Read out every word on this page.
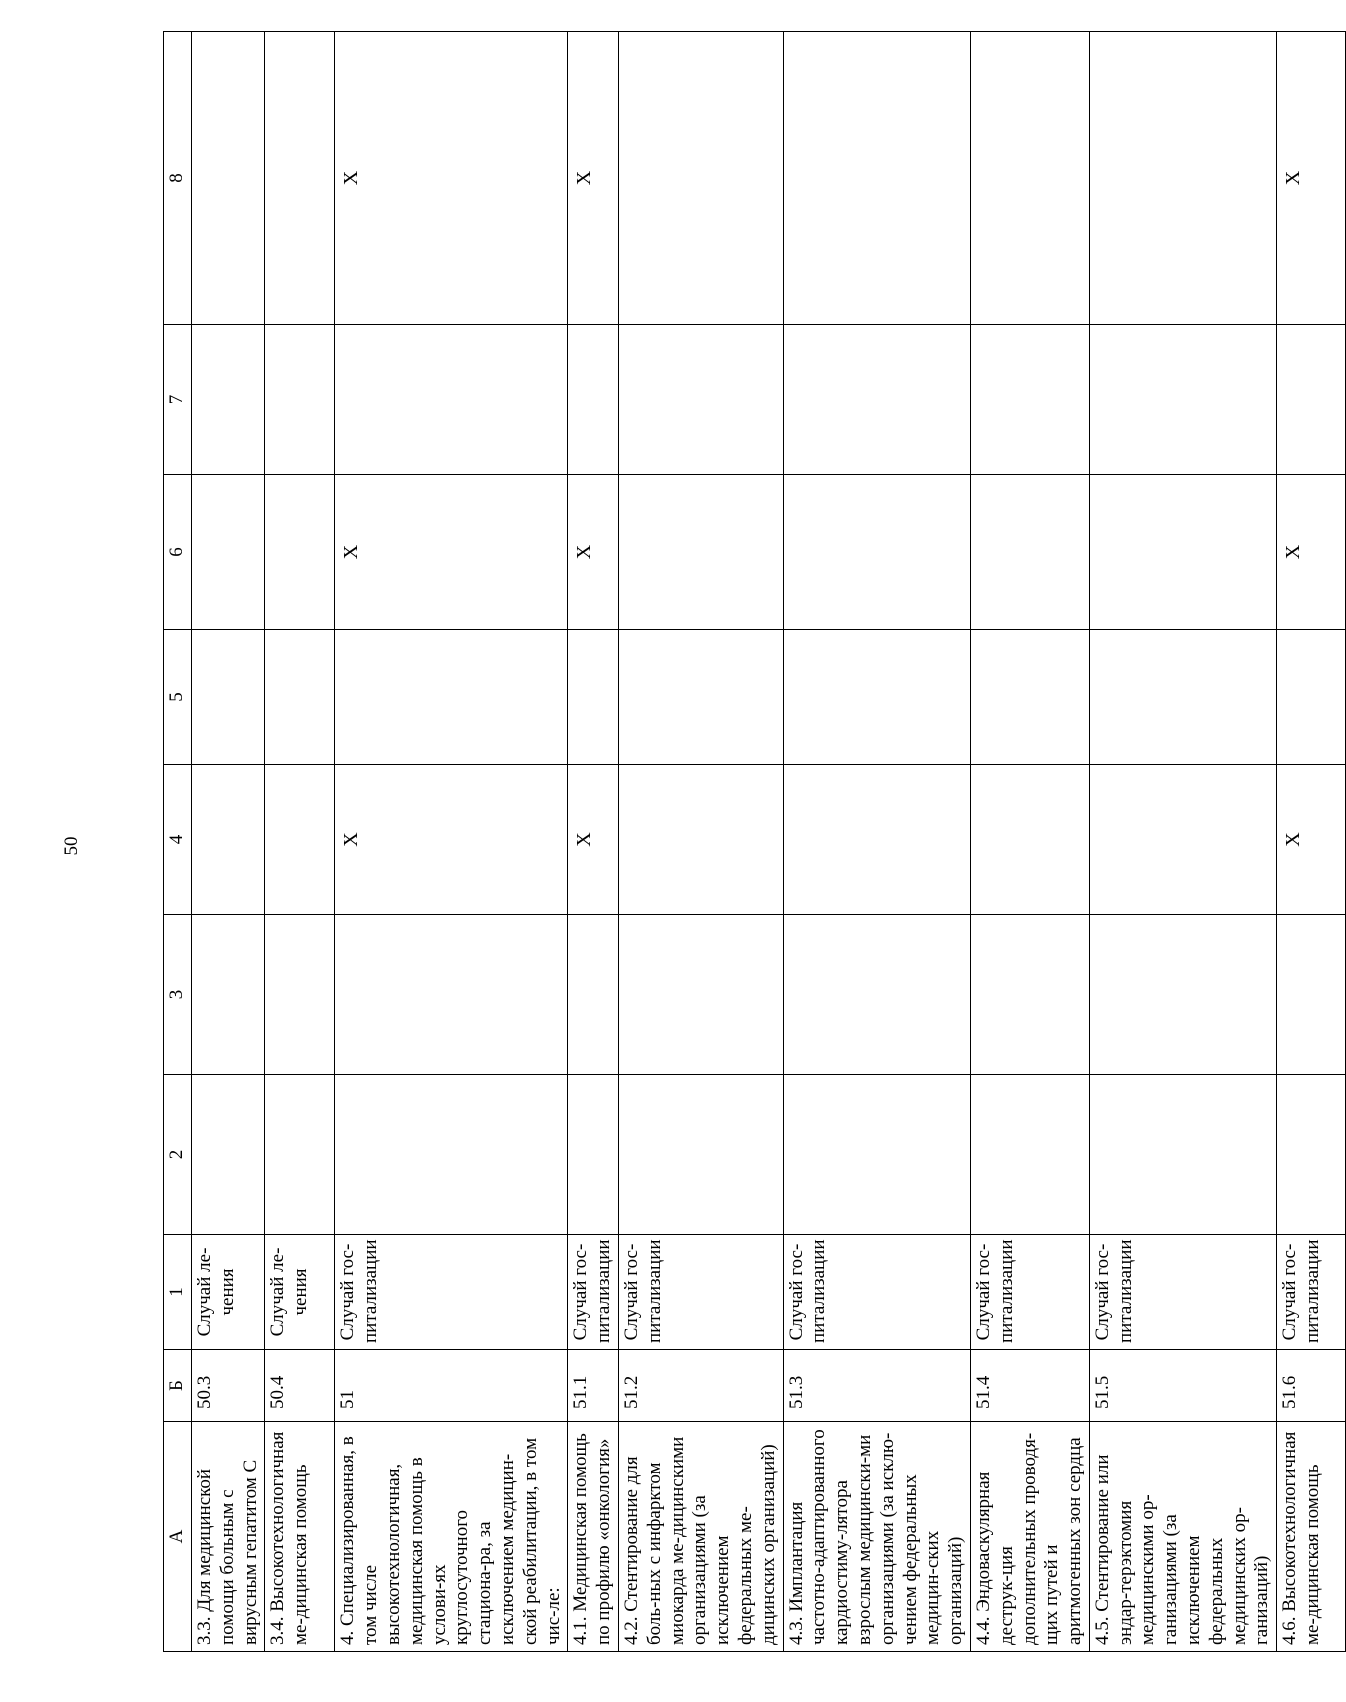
50
А	Б	1	2	3	4	5	6	7	8
3.3. Для медицинской помощи больным с вирусным гепатитом С	50.3	Случай ле-чения							
3.4. Высокотехнологичная ме-дицинская помощь	50.4	Случай ле-чения							
4. Специализированная, в том числе высокотехнологичная, медицинская помощь в услови-ях круглосуточного стациона-ра, за исключением медицин-ской реабилитации, в том чис-ле:	51	Случай гос-питализации			Х		Х		Х
4.1. Медицинская помощь по профилю «онкология»	51.1	Случай гос-питализации			Х		Х		Х
4.2. Стентирование для боль-ных с инфарктом миокарда ме-дицинскими организациями (за исключением федеральных ме-дицинских организаций)	51.2	Случай гос-питализации							
4.3. Имплантация частотно-адаптированного кардиостиму-лятора взрослым медицински-ми организациями (за исклю-чением федеральных медицин-ских организаций)	51.3	Случай гос-питализации							
4.4. Эндоваскулярная деструк-ция дополнительных проводя-щих путей и аритмогенных зон сердца	51.4	Случай гос-питализации							
4.5. Стентирование или эндар-терэктомия медицинскими ор-ганизациями (за исключением федеральных медицинских ор-ганизаций)	51.5	Случай гос-питализации							
4.6. Высокотехнологичная ме-дицинская помощь	51.6	Случай гос-питализации			Х		Х		Х
